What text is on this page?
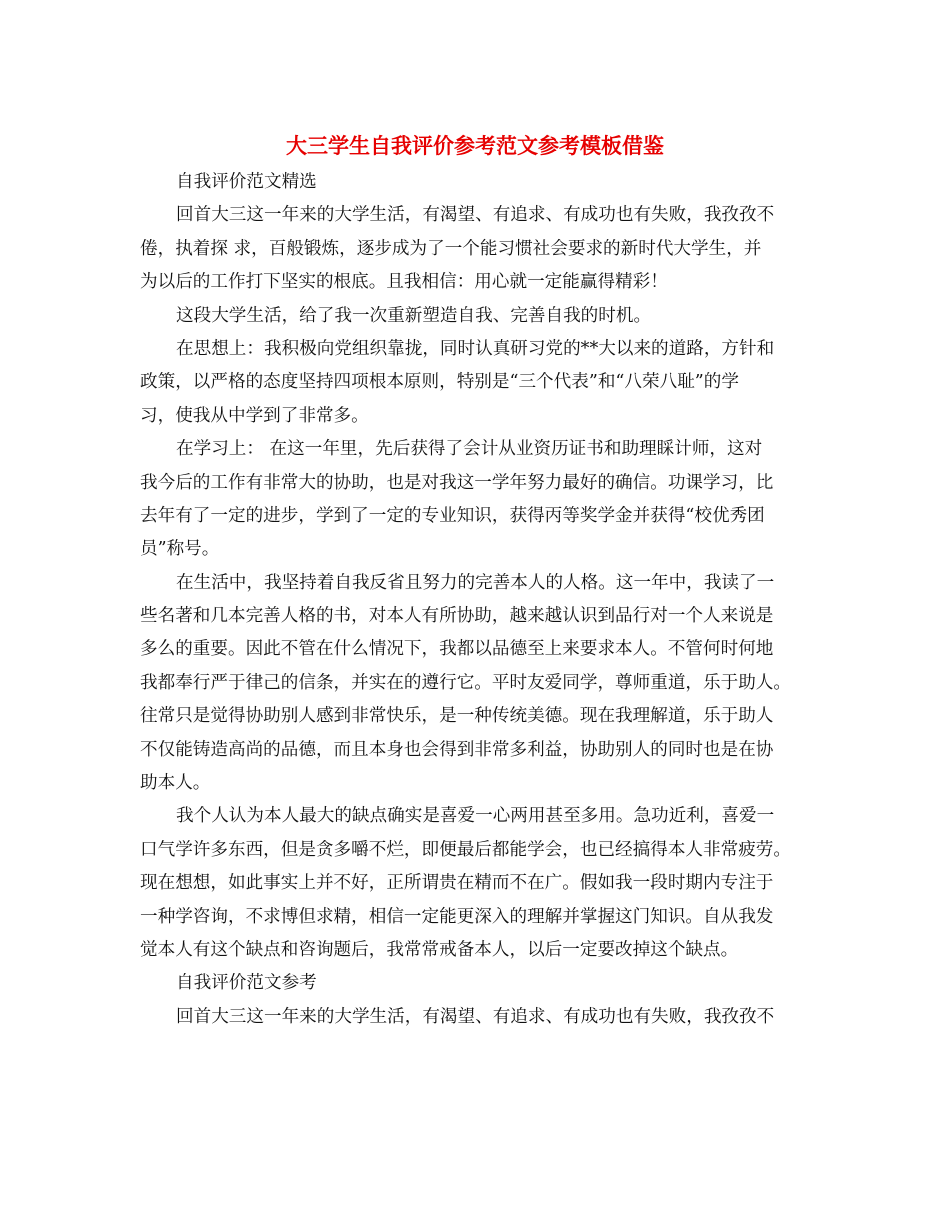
大三学生自我评价参考范文参考模板借鉴
自我评价范文精选
回首大三这一年来的大学生活，有渴望、有追求、有成功也有失败，我孜孜不
倦，执着探 求，百般锻炼，逐步成为了一个能习惯社会要求的新时代大学生，并
为以后的工作打下坚实的根底。且我相信：用心就一定能赢得精彩！
这段大学生活，给了我一次重新塑造自我、完善自我的时机。
在思想上：我积极向党组织靠拢，同时认真研习党的**大以来的道路，方针和
政策，以严格的态度坚持四项根本原则，特别是“三个代表”和“八荣八耻”的学
习，使我从中学到了非常多。
在学习上： 在这一年里，先后获得了会计从业资历证书和助理睬计师，这对
我今后的工作有非常大的协助，也是对我这一学年努力最好的确信。功课学习，比
去年有了一定的进步，学到了一定的专业知识，获得丙等奖学金并获得“校优秀团
员”称号。
在生活中，我坚持着自我反省且努力的完善本人的人格。这一年中，我读了一
些名著和几本完善人格的书，对本人有所协助，越来越认识到品行对一个人来说是
多么的重要。因此不管在什么情况下，我都以品德至上来要求本人。不管何时何地
我都奉行严于律己的信条，并实在的遵行它。平时友爱同学，尊师重道，乐于助人。
往常只是觉得协助别人感到非常快乐，是一种传统美德。现在我理解道，乐于助人
不仅能铸造高尚的品德，而且本身也会得到非常多利益，协助别人的同时也是在协
助本人。
我个人认为本人最大的缺点确实是喜爱一心两用甚至多用。急功近利，喜爱一
口气学许多东西，但是贪多嚼不烂，即便最后都能学会，也已经搞得本人非常疲劳。
现在想想，如此事实上并不好，正所谓贵在精而不在广。假如我一段时期内专注于
一种学咨询，不求博但求精，相信一定能更深入的理解并掌握这门知识。自从我发
觉本人有这个缺点和咨询题后，我常常戒备本人，以后一定要改掉这个缺点。
自我评价范文参考
回首大三这一年来的大学生活，有渴望、有追求、有成功也有失败，我孜孜不
